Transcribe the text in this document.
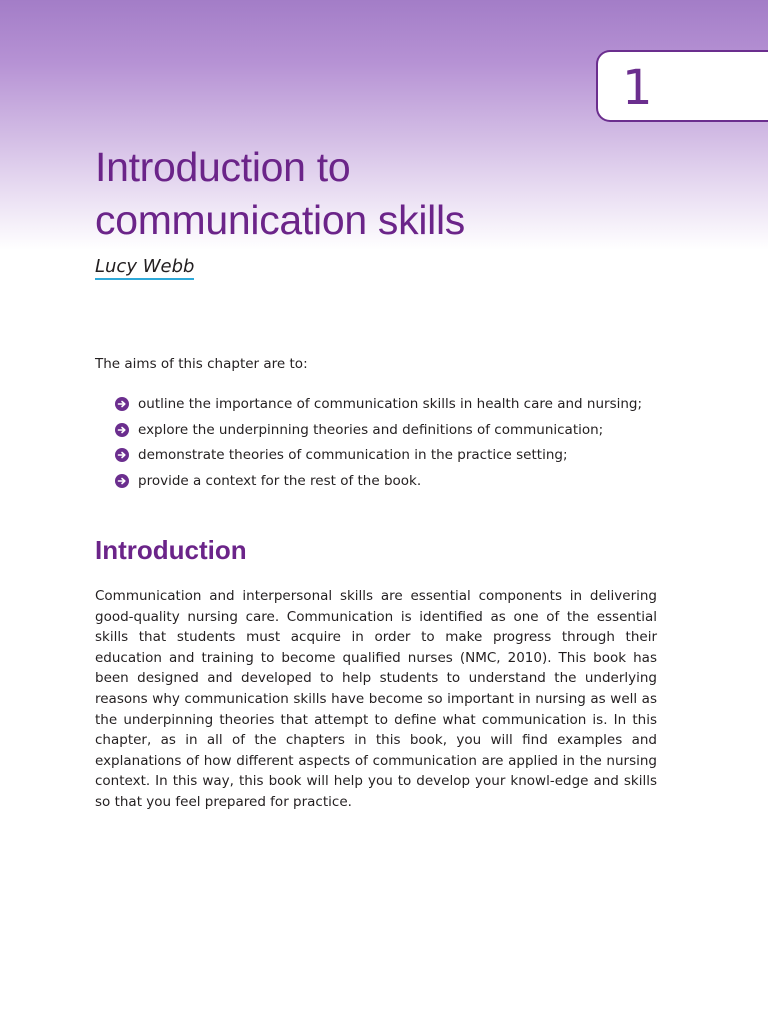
1
Introduction to
communication skills
Lucy Webb

The aims of this chapter are to:

outline the importance of communication skills in health care and nursing;
explore the underpinning theories and definitions of communication;
demonstrate theories of communication in the practice setting;
provide a context for the rest of the book.
Introduction

Communication and interpersonal skills are essential components in delivering good-quality nursing care. Communication is identified as one of the essential skills that students must acquire in order to make progress through their education and training to become qualified nurses (NMC, 2010). This book has been designed and developed to help students to understand the underlying reasons why communication skills have become so important in nursing as well as the underpinning theories that attempt to define what communication is. In this chapter, as in all of the chapters in this book, you will find examples and explanations of how different aspects of communication are applied in the nursing context. In this way, this book will help you to develop your knowl-edge and skills so that you feel prepared for practice.
